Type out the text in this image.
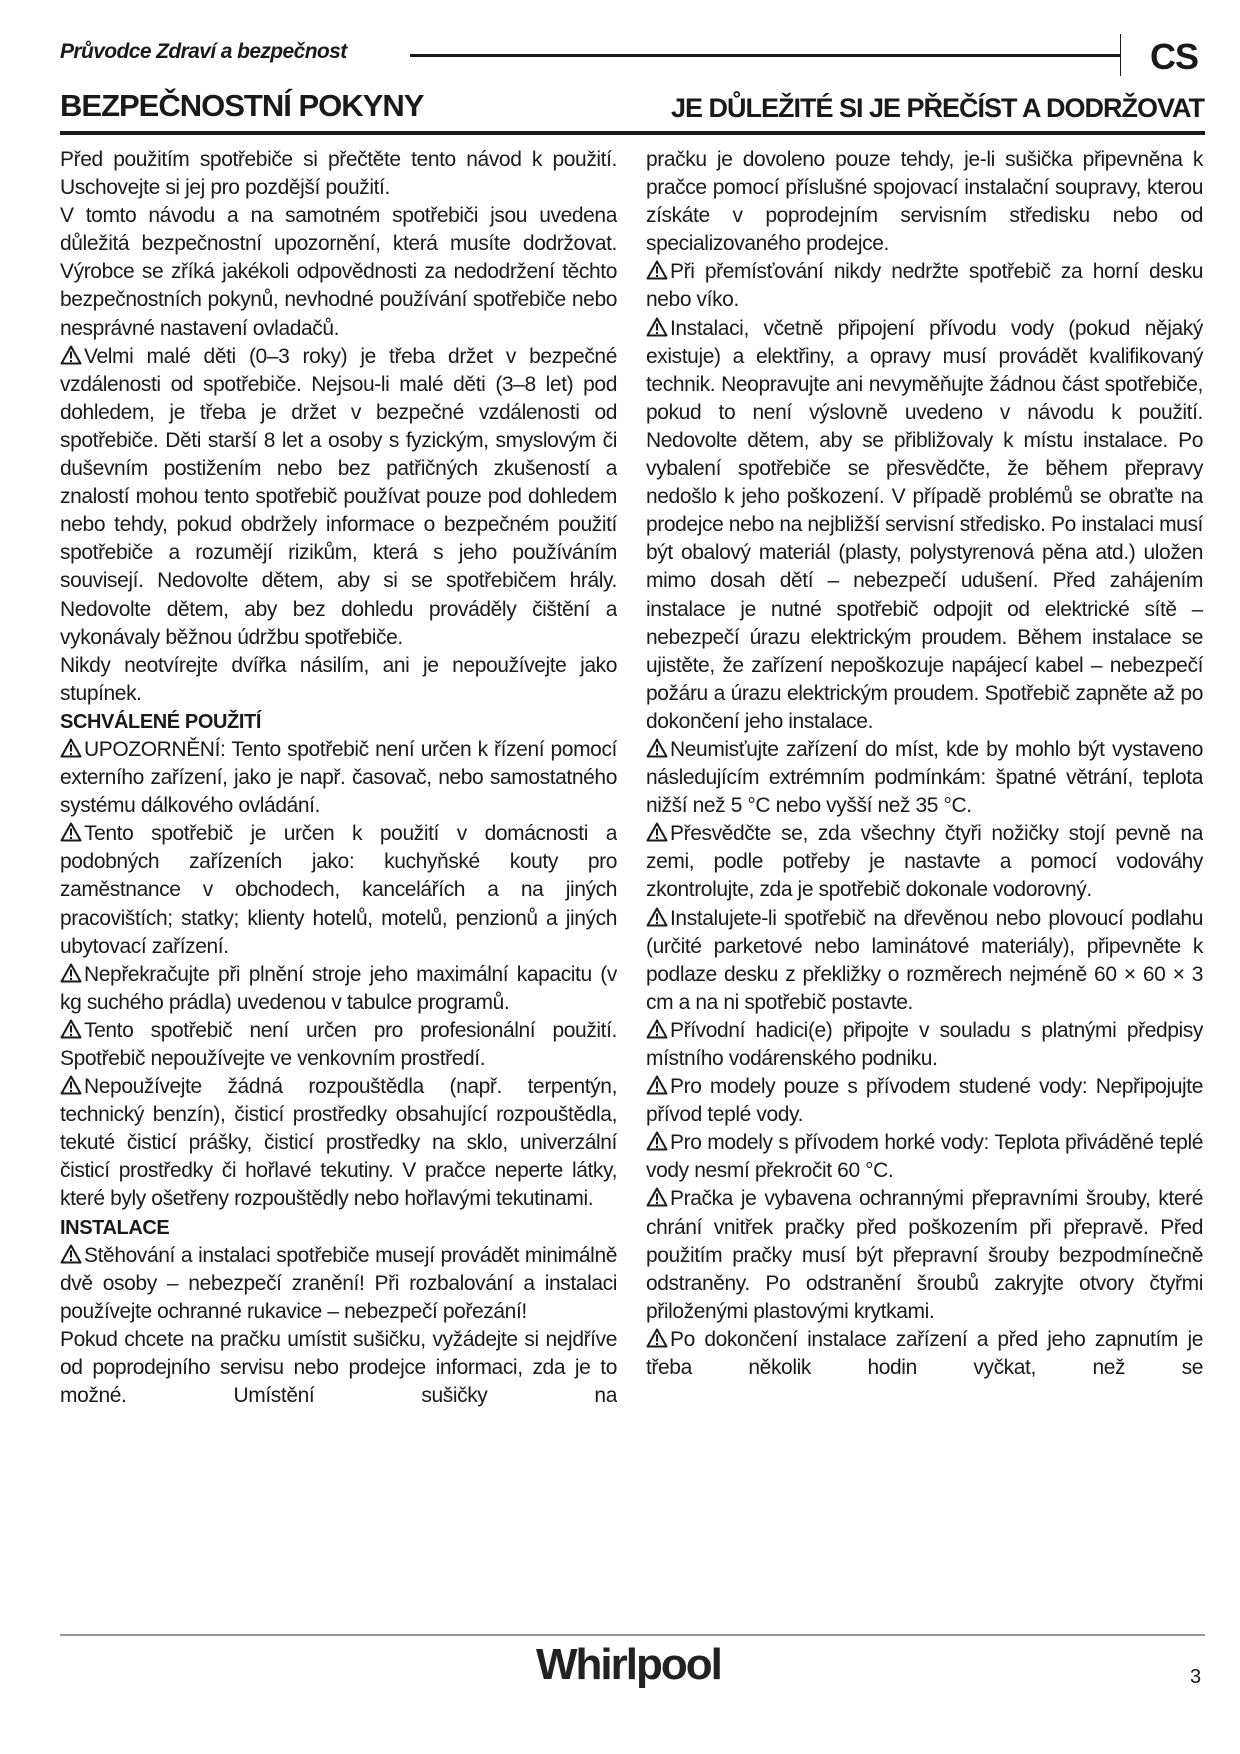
Průvodce Zdraví a bezpečnost	CS
BEZPEČNOSTNÍ POKYNY	JE DŮLEŽITÉ SI JE PŘEČÍST A DODRŽOVAT

Před použitím spotřebiče si přečtěte tento návod k použití. Uschovejte si jej pro pozdější použití.

V tomto návodu a na samotném spotřebiči jsou uvedena důležitá bezpečnostní upozornění, která musíte dodržovat. Výrobce se zříká jakékoli odpovědnosti za nedodržení těchto bezpečnostních pokynů, nevhodné používání spotřebiče nebo nesprávné nastavení ovladačů.

Velmi malé děti (0–3 roky) je třeba držet v bezpečné vzdálenosti od spotřebiče. Nejsou-li malé děti (3–8 let) pod dohledem, je třeba je držet v bezpečné vzdálenosti od spotřebiče. Děti starší 8 let a osoby s fyzickým, smyslovým či duševním postižením nebo bez patřičných zkušeností a znalostí mohou tento spotřebič používat pouze pod dohledem nebo tehdy, pokud obdržely informace o bezpečném použití spotřebiče a rozumějí rizikům, která s jeho používáním souvisejí. Nedovolte dětem, aby si se spotřebičem hrály. Nedovolte dětem, aby bez dohledu prováděly čištění a vykonávaly běžnou údržbu spotřebiče.

Nikdy neotvírejte dvířka násilím, ani je nepoužívejte jako stupínek.

SCHVÁLENÉ POUŽITÍ

UPOZORNĚNÍ: Tento spotřebič není určen k řízení pomocí externího zařízení, jako je např. časovač, nebo samostatného systému dálkového ovládání.

Tento spotřebič je určen k použití v domácnosti a podobných zařízeních jako: kuchyňské kouty pro zaměstnance v obchodech, kancelářích a na jiných pracovištích; statky; klienty hotelů, motelů, penzionů a jiných ubytovací zařízení.

Nepřekračujte při plnění stroje jeho maximální kapacitu (v kg suchého prádla) uvedenou v tabulce programů.

Tento spotřebič není určen pro profesionální použití. Spotřebič nepoužívejte ve venkovním prostředí.

Nepoužívejte žádná rozpouštědla (např. terpentýn, technický benzín), čisticí prostředky obsahující rozpouštědla, tekuté čisticí prášky, čisticí prostředky na sklo, univerzální čisticí prostředky či hořlavé tekutiny. V pračce neperte látky, které byly ošetřeny rozpouštědly nebo hořlavými tekutinami.

INSTALACE

Stěhování a instalaci spotřebiče musejí provádět minimálně dvě osoby – nebezpečí zranění! Při rozbalování a instalaci používejte ochranné rukavice – nebezpečí pořezání!

Pokud chcete na pračku umístit sušičku, vyžádejte si nejdříve od poprodejního servisu nebo prodejce informaci, zda je to možné. Umístění sušičky na

pračku je dovoleno pouze tehdy, je-li sušička připevněna k pračce pomocí příslušné spojovací instalační soupravy, kterou získáte v poprodejním servisním středisku nebo od specializovaného prodejce.

Při přemísťování nikdy nedržte spotřebič za horní desku nebo víko.

Instalaci, včetně připojení přívodu vody (pokud nějaký existuje) a elektřiny, a opravy musí provádět kvalifikovaný technik. Neopravujte ani nevyměňujte žádnou část spotřebiče, pokud to není výslovně uvedeno v návodu k použití. Nedovolte dětem, aby se přibližovaly k místu instalace. Po vybalení spotřebiče se přesvědčte, že během přepravy nedošlo k jeho poškození. V případě problémů se obraťte na prodejce nebo na nejbližší servisní středisko. Po instalaci musí být obalový materiál (plasty, polystyrenová pěna atd.) uložen mimo dosah dětí – nebezpečí udušení. Před zahájením instalace je nutné spotřebič odpojit od elektrické sítě – nebezpečí úrazu elektrickým proudem. Během instalace se ujistěte, že zařízení nepoškozuje napájecí kabel – nebezpečí požáru a úrazu elektrickým proudem. Spotřebič zapněte až po dokončení jeho instalace.

Neumisťujte zařízení do míst, kde by mohlo být vystaveno následujícím extrémním podmínkám: špatné větrání, teplota nižší než 5 °C nebo vyšší než 35 °C.

Přesvědčte se, zda všechny čtyři nožičky stojí pevně na zemi, podle potřeby je nastavte a pomocí vodováhy zkontrolujte, zda je spotřebič dokonale vodorovný.

Instalujete-li spotřebič na dřevěnou nebo plovoucí podlahu (určité parketové nebo laminátové materiály), připevněte k podlaze desku z překližky o rozměrech nejméně 60 × 60 × 3 cm a na ni spotřebič postavte.

Přívodní hadici(e) připojte v souladu s platnými předpisy místního vodárenského podniku.

Pro modely pouze s přívodem studené vody: Nepřipojujte přívod teplé vody.

Pro modely s přívodem horké vody: Teplota přiváděné teplé vody nesmí překročit 60 °C.

Pračka je vybavena ochrannými přepravními šrouby, které chrání vnitřek pračky před poškozením při přepravě. Před použitím pračky musí být přepravní šrouby bezpodmínečně odstraněny. Po odstranění šroubů zakryjte otvory čtyřmi přiloženými plastovými krytkami.

Po dokončení instalace zařízení a před jeho zapnutím je třeba několik hodin vyčkat, než se

Whirlpool	3
